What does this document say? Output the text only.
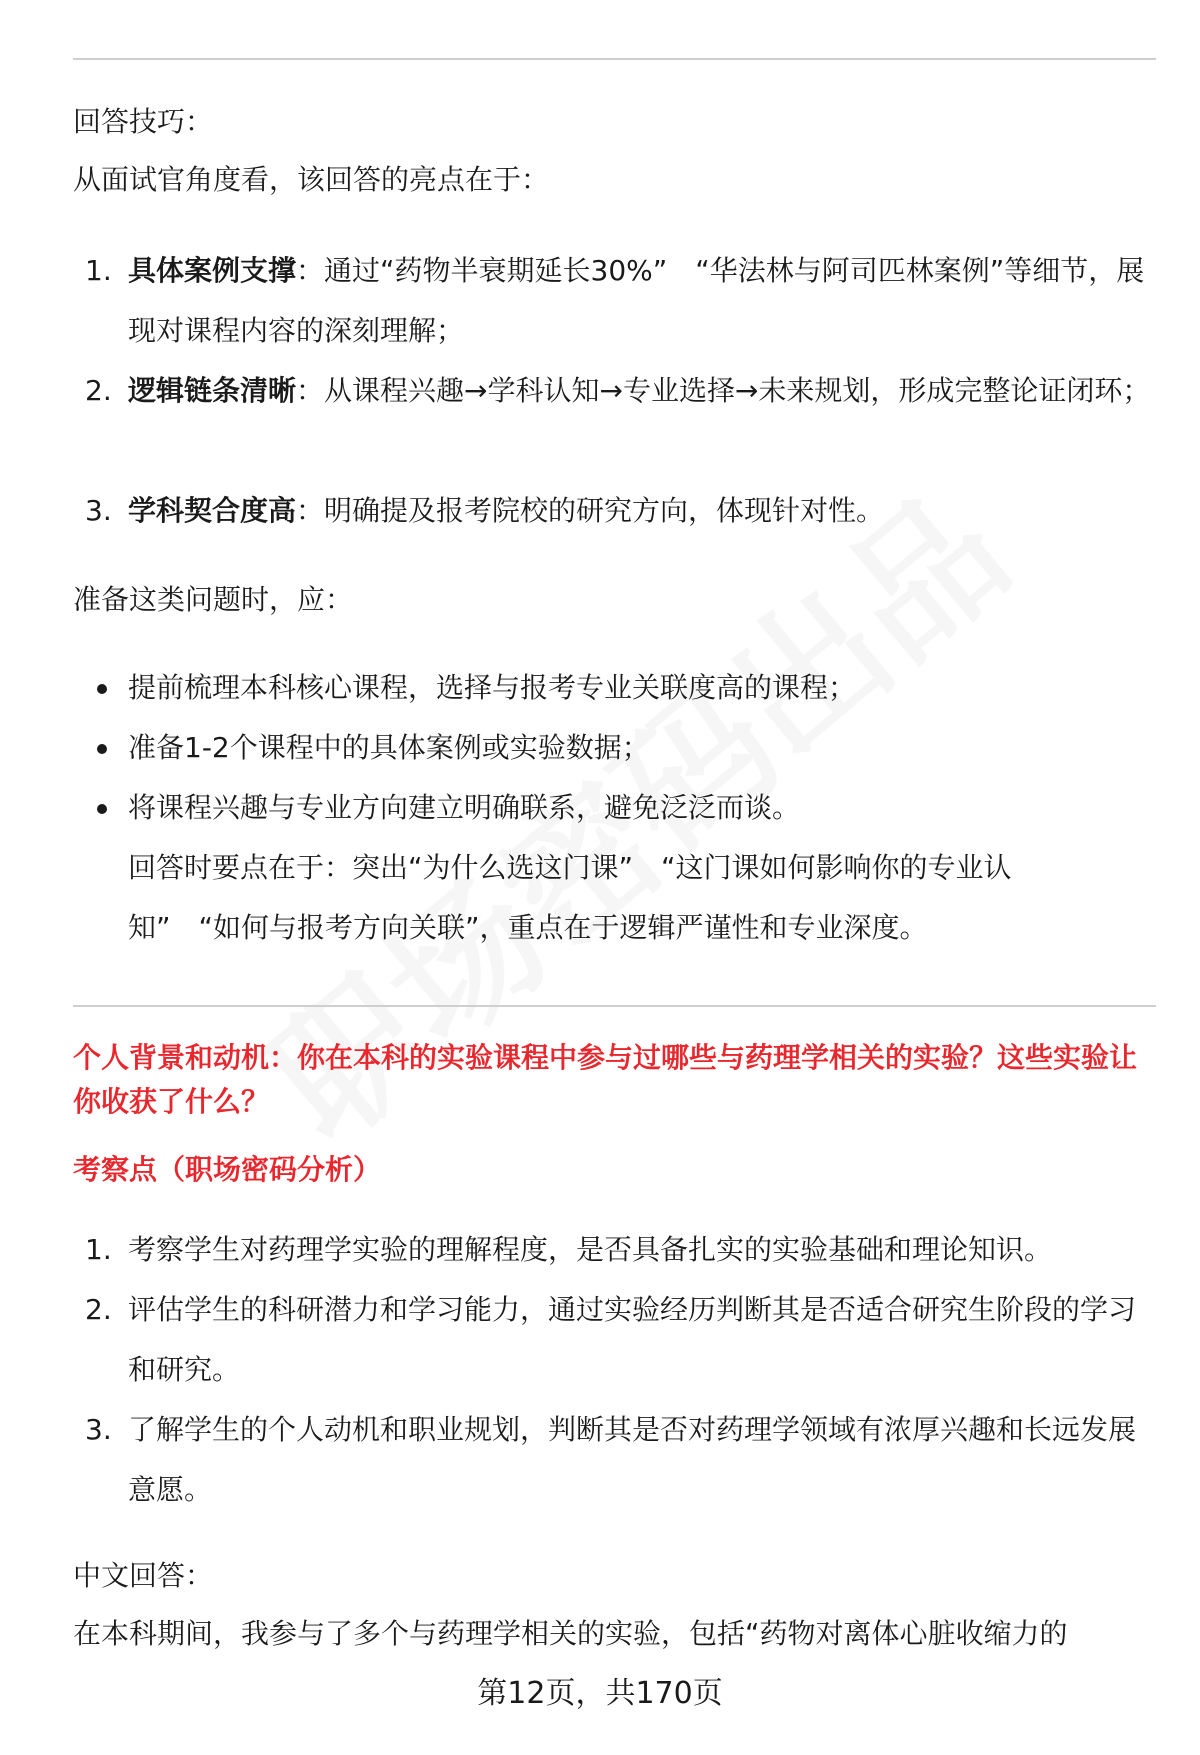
回答技巧：
从面试官角度看，该回答的亮点在于：
1. 具体案例支撑：通过“药物半衰期延长30%”　“华法林与阿司匹林案例”等细节，展现对课程内容的深刻理解；
2. 逻辑链条清晰：从课程兴趣→学科认知→专业选择→未来规划，形成完整论证闭环；
3. 学科契合度高：明确提及报考院校的研究方向，体现针对性。
准备这类问题时，应：
提前梳理本科核心课程，选择与报考专业关联度高的课程；
准备1-2个课程中的具体案例或实验数据；
将课程兴趣与专业方向建立明确联系，避免泛泛而谈。
回答时要点在于：突出“为什么选这门课”　“这门课如何影响你的专业认知”　“如何与报考方向关联”，重点在于逻辑严谨性和专业深度。
个人背景和动机：你在本科的实验课程中参与过哪些与药理学相关的实验？这些实验让你收获了什么？
考察点（职场密码分析）
1. 考察学生对药理学实验的理解程度，是否具备扎实的实验基础和理论知识。
2. 评估学生的科研潜力和学习能力，通过实验经历判断其是否适合研究生阶段的学习和研究。
3. 了解学生的个人动机和职业规划，判断其是否对药理学领域有浓厚兴趣和长远发展意愿。
中文回答：
在本科期间，我参与了多个与药理学相关的实验，包括“药物对离体心脏收缩力的
第12页，共170页
